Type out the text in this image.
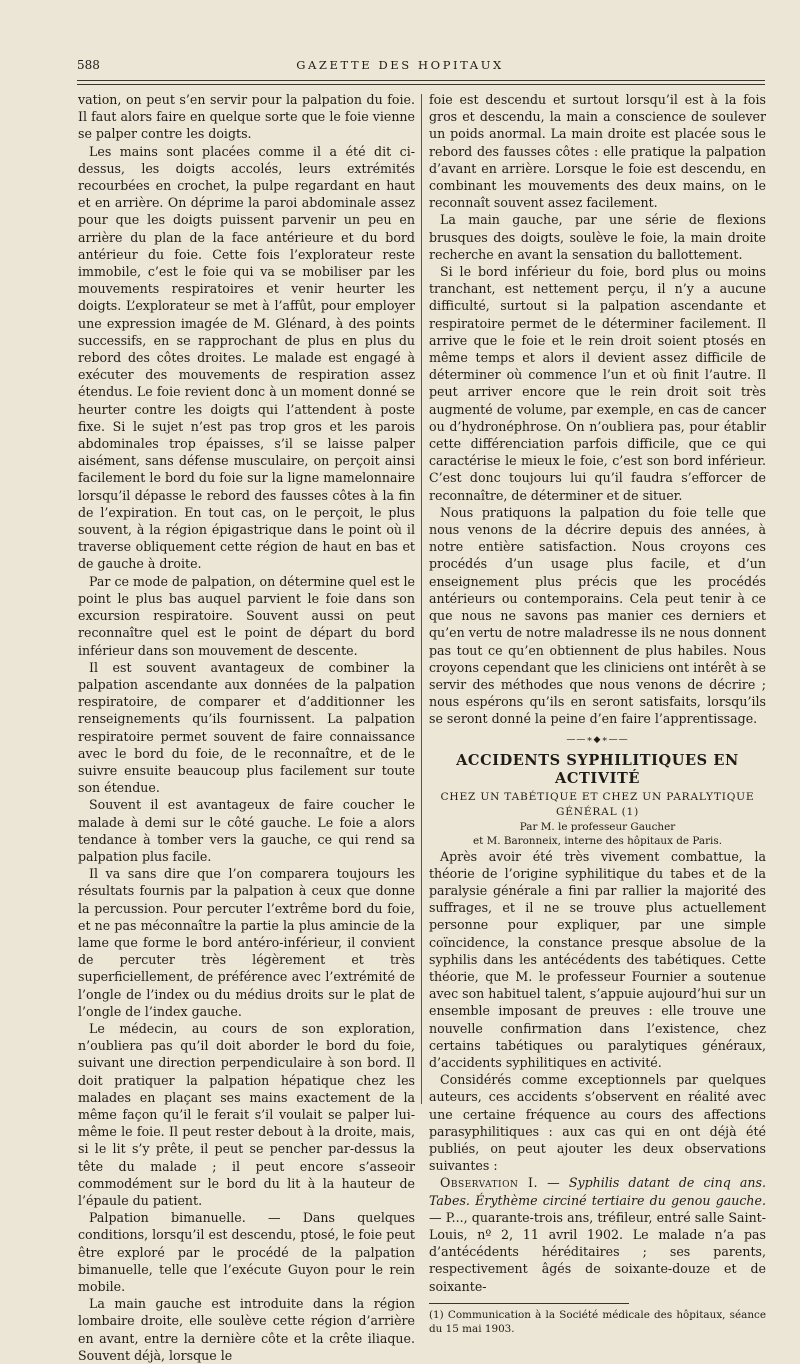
588	GAZETTE DES HOPITAUX

vation, on peut s’en servir pour la palpation du foie. Il faut alors faire en quelque sorte que le foie vienne se palper contre les doigts.

Les mains sont placées comme il a été dit ci-dessus, les doigts accolés, leurs extrémités recourbées en crochet, la pulpe regardant en haut et en arrière. On déprime la paroi abdominale assez pour que les doigts puissent parvenir un peu en arrière du plan de la face antérieure et du bord antérieur du foie. Cette fois l’explorateur reste immobile, c’est le foie qui va se mobiliser par les mouvements respiratoires et venir heurter les doigts. L’explorateur se met à l’affût, pour employer une expression imagée de M. Glénard, à des points successifs, en se rapprochant de plus en plus du rebord des côtes droites. Le malade est engagé à exécuter des mouvements de respiration assez étendus. Le foie revient donc à un moment donné se heurter contre les doigts qui l’attendent à poste fixe. Si le sujet n’est pas trop gros et les parois abdominales trop épaisses, s’il se laisse palper aisément, sans défense musculaire, on perçoit ainsi facilement le bord du foie sur la ligne mamelonnaire lorsqu’il dépasse le rebord des fausses côtes à la fin de l’expiration. En tout cas, on le perçoit, le plus souvent, à la région épigastrique dans le point où il traverse obliquement cette région de haut en bas et de gauche à droite.

Par ce mode de palpation, on détermine quel est le point le plus bas auquel parvient le foie dans son excursion respiratoire. Souvent aussi on peut reconnaître quel est le point de départ du bord inférieur dans son mouvement de descente.

Il est souvent avantageux de combiner la palpation ascendante aux données de la palpation respiratoire, de comparer et d’additionner les renseignements qu’ils fournissent. La palpation respiratoire permet souvent de faire connaissance avec le bord du foie, de le reconnaître, et de le suivre ensuite beaucoup plus facilement sur toute son étendue.

Souvent il est avantageux de faire coucher le malade à demi sur le côté gauche. Le foie a alors tendance à tomber vers la gauche, ce qui rend sa palpation plus facile.

Il va sans dire que l’on comparera toujours les résultats fournis par la palpation à ceux que donne la percussion. Pour percuter l’extrême bord du foie, et ne pas méconnaître la partie la plus amincie de la lame que forme le bord antéro-inférieur, il convient de percuter très légèrement et très superficiellement, de préférence avec l’extrémité de l’ongle de l’index ou du médius droits sur le plat de l’ongle de l’index gauche.

Le médecin, au cours de son exploration, n’oubliera pas qu’il doit aborder le bord du foie, suivant une direction perpendiculaire à son bord. Il doit pratiquer la palpation hépatique chez les malades en plaçant ses mains exactement de la même façon qu’il le ferait s’il voulait se palper lui-même le foie. Il peut rester debout à la droite, mais, si le lit s’y prête, il peut se pencher par-dessus la tête du malade ; il peut encore s’asseoir commodément sur le bord du lit à la hauteur de l’épaule du patient.

Palpation bimanuelle. — Dans quelques conditions, lorsqu’il est descendu, ptosé, le foie peut être exploré par le procédé de la palpation bimanuelle, telle que l’exécute Guyon pour le rein mobile.

La main gauche est introduite dans la région lombaire droite, elle soulève cette région d’arrière en avant, entre la dernière côte et la crête iliaque. Souvent déjà, lorsque le

foie est descendu et surtout lorsqu’il est à la fois gros et descendu, la main a conscience de soulever un poids anormal. La main droite est placée sous le rebord des fausses côtes : elle pratique la palpation d’avant en arrière. Lorsque le foie est descendu, en combinant les mouvements des deux mains, on le reconnaît souvent assez facilement.

La main gauche, par une série de flexions brusques des doigts, soulève le foie, la main droite recherche en avant la sensation du ballottement.

Si le bord inférieur du foie, bord plus ou moins tranchant, est nettement perçu, il n’y a aucune difficulté, surtout si la palpation ascendante et respiratoire permet de le déterminer facilement. Il arrive que le foie et le rein droit soient ptosés en même temps et alors il devient assez difficile de déterminer où commence l’un et où finit l’autre. Il peut arriver encore que le rein droit soit très augmenté de volume, par exemple, en cas de cancer ou d’hydronéphrose. On n’oubliera pas, pour établir cette différenciation parfois difficile, que ce qui caractérise le mieux le foie, c’est son bord inférieur. C’est donc toujours lui qu’il faudra s’efforcer de reconnaître, de déterminer et de situer.

Nous pratiquons la palpation du foie telle que nous venons de la décrire depuis des années, à notre entière satisfaction. Nous croyons ces procédés d’un usage plus facile, et d’un enseignement plus précis que les procédés antérieurs ou contemporains. Cela peut tenir à ce que nous ne savons pas manier ces derniers et qu’en vertu de notre maladresse ils ne nous donnent pas tout ce qu’en obtiennent de plus habiles. Nous croyons cependant que les cliniciens ont intérêt à se servir des méthodes que nous venons de décrire ; nous espérons qu’ils en seront satisfaits, lorsqu’ils se seront donné la peine d’en faire l’apprentissage.

——∗◆∗——
ACCIDENTS SYPHILITIQUES EN ACTIVITÉ

CHEZ UN TABÉTIQUE ET CHEZ UN PARALYTIQUE GÉNÉRAL (1)

Par M. le professeur Gaucher

et M. Baronneix, interne des hôpitaux de Paris.

Après avoir été très vivement combattue, la théorie de l’origine syphilitique du tabes et de la paralysie générale a fini par rallier la majorité des suffrages, et il ne se trouve plus actuellement personne pour expliquer, par une simple coïncidence, la constance presque absolue de la syphilis dans les antécédents des tabétiques. Cette théorie, que M. le professeur Fournier a soutenue avec son habituel talent, s’appuie aujourd’hui sur un ensemble imposant de preuves : elle trouve une nouvelle confirmation dans l’existence, chez certains tabétiques ou paralytiques généraux, d’accidents syphilitiques en activité.

Considérés comme exceptionnels par quelques auteurs, ces accidents s’observent en réalité avec une certaine fréquence au cours des affections parasyphilitiques : aux cas qui en ont déjà été publiés, on peut ajouter les deux observations suivantes :

Observation I. — Syphilis datant de cinq ans. Tabes. Érythème circiné tertiaire du genou gauche. — P..., quarante-trois ans, tréfileur, entré salle Saint-Louis, nº 2, 11 avril 1902. Le malade n’a pas d’antécédents héréditaires ; ses parents, respectivement âgés de soixante-douze et de soixante-

(1) Communication à la Société médicale des hôpitaux, séance du 15 mai 1903.
